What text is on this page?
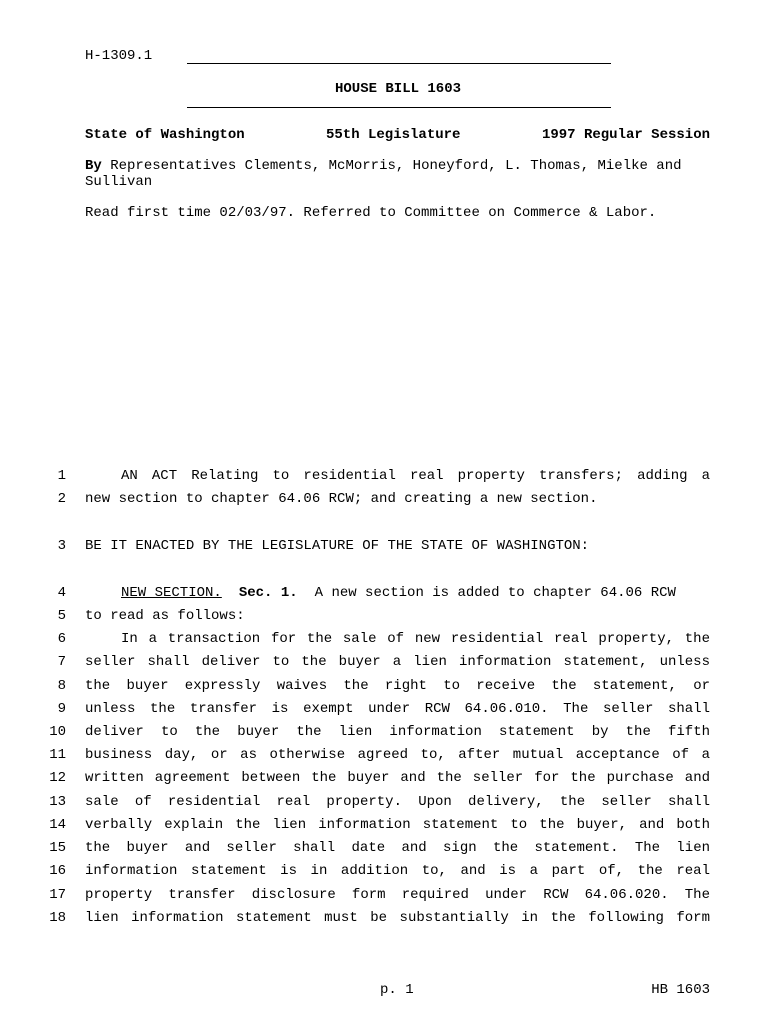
H-1309.1
HOUSE BILL 1603
State of Washington	55th Legislature	1997 Regular Session
By Representatives Clements, McMorris, Honeyford, L. Thomas, Mielke and
Sullivan
Read first time 02/03/97. Referred to Committee on Commerce & Labor.
1	AN ACT Relating to residential real property transfers; adding a
2 new section to chapter 64.06 RCW; and creating a new section.
3 BE IT ENACTED BY THE LEGISLATURE OF THE STATE OF WASHINGTON:
4	NEW SECTION. Sec. 1. A new section is added to chapter 64.06 RCW
5 to read as follows:
6	In a transaction for the sale of new residential real property, the
7 seller shall deliver to the buyer a lien information statement, unless
8 the buyer expressly waives the right to receive the statement, or
9 unless the transfer is exempt under RCW 64.06.010. The seller shall
10 deliver to the buyer the lien information statement by the fifth
11 business day, or as otherwise agreed to, after mutual acceptance of a
12 written agreement between the buyer and the seller for the purchase and
13 sale of residential real property. Upon delivery, the seller shall
14 verbally explain the lien information statement to the buyer, and both
15 the buyer and seller shall date and sign the statement. The lien
16 information statement is in addition to, and is a part of, the real
17 property transfer disclosure form required under RCW 64.06.020. The
18 lien information statement must be substantially in the following form
p. 1	HB 1603
